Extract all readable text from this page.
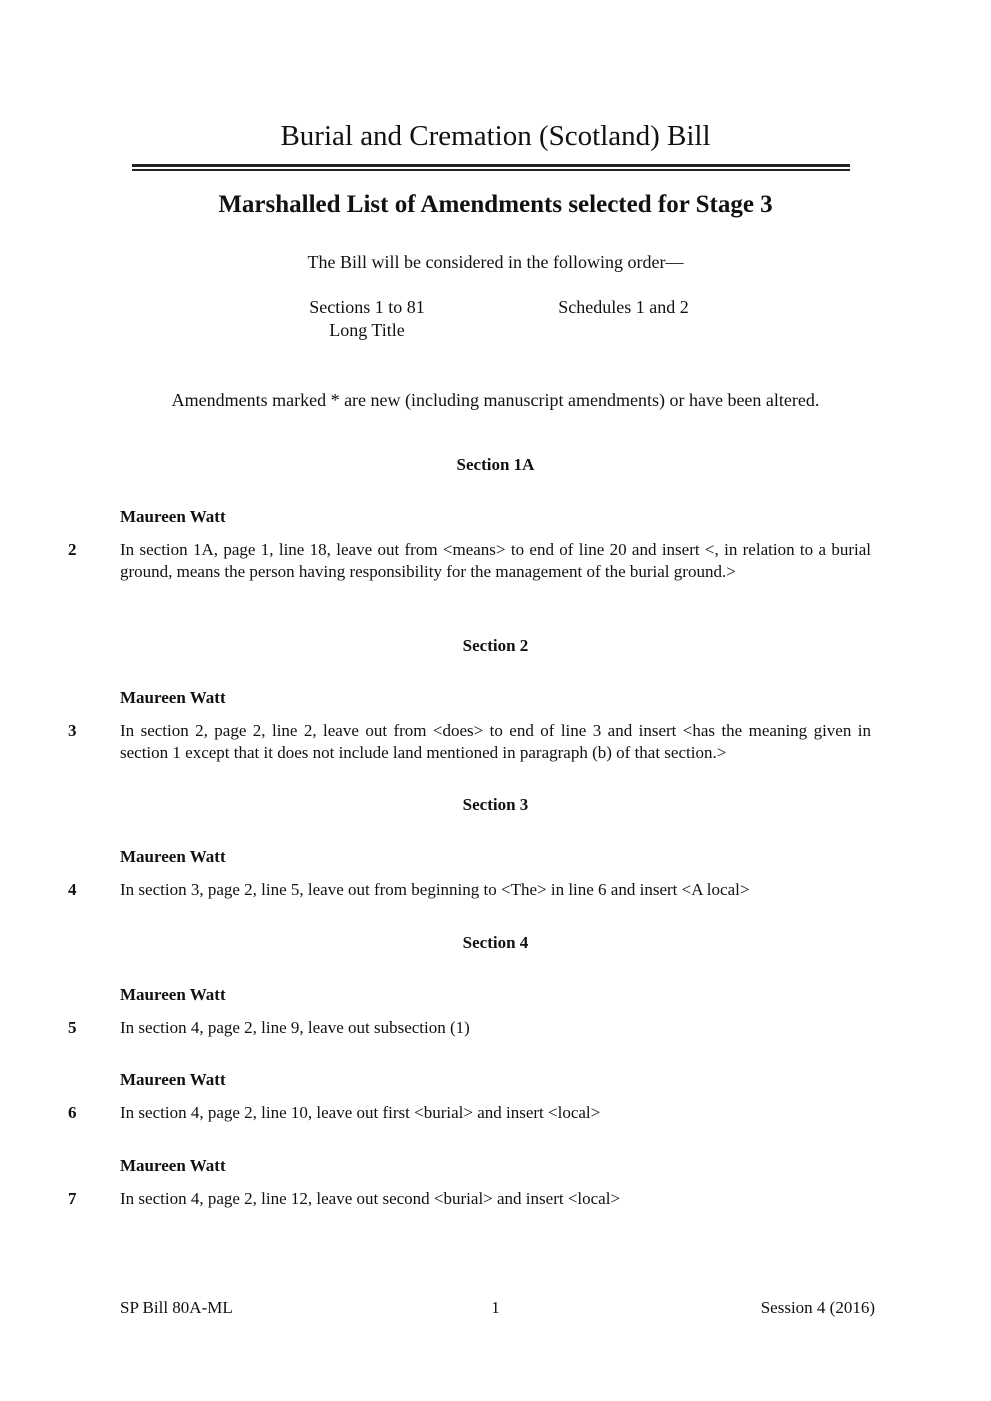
Burial and Cremation (Scotland) Bill
Marshalled List of Amendments selected for Stage 3
The Bill will be considered in the following order—
Sections 1 to 81
Long Title
Schedules 1 and 2
Amendments marked * are new (including manuscript amendments) or have been altered.
Section 1A
Maureen Watt
2	In section 1A, page 1, line 18, leave out from <means> to end of line 20 and insert <, in relation to a burial ground, means the person having responsibility for the management of the burial ground.>
Section 2
Maureen Watt
3	In section 2, page 2, line 2, leave out from <does> to end of line 3 and insert <has the meaning given in section 1 except that it does not include land mentioned in paragraph (b) of that section.>
Section 3
Maureen Watt
4	In section 3, page 2, line 5, leave out from beginning to <The> in line 6 and insert <A local>
Section 4
Maureen Watt
5	In section 4, page 2, line 9, leave out subsection (1)
Maureen Watt
6	In section 4, page 2, line 10, leave out first <burial> and insert <local>
Maureen Watt
7	In section 4, page 2, line 12, leave out second <burial> and insert <local>
SP Bill 80A-ML	1	Session 4 (2016)
